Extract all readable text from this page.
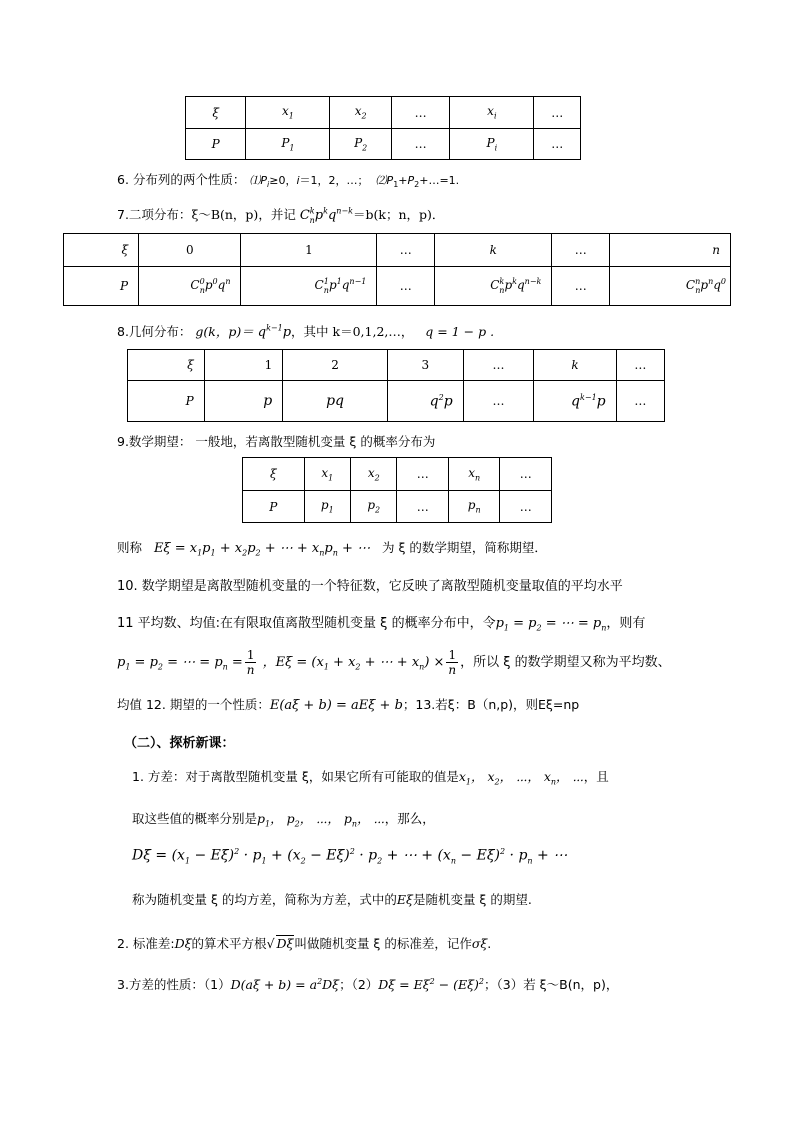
ξ	$x_1$	$x_2$	…	$x_i$	…
P	$P_1$	$P_2$	…	$P_i$	…
6. 分布列的两个性质： $⑴P_i\ge 0$，i＝1，2，…； $⑵P_1+P_2+\dots=1$.
7.二项分布：ξ～B(n，p)，并记 $C^k_np^kq^{n-k}=b(k$；n，p)．
ξ	0	1	…	k	…	n
P	$C^0_np^0q^n$	$C^1_np^1q^{n-1}$	…	$C^k_np^kq^{n-k}$	…	$C^n_np^nq^0$
8.几何分布： g(k，$p)= q^{k-1}p$，其中 k＝0,1,2,…， q = 1 − p .
ξ	1	2	3	…	k	…
P	p	pq	$q^2p$	…	$q^{k-1}p$	…
9.数学期望： 一般地，若离散型随机变量 ξ 的概率分布为
ξ	$x_1$	$x_2$	…	$x_n$	…
P	$p_1$	$p_2$	…	$p_n$	…
则称 $E\xi = x_1p_1 + x_2p_2$ + ⋯ + $x_np_n$ + ⋯ 为 ξ 的数学期望，简称期望．
10. 数学期望是离散型随机变量的一个特征数，它反映了离散型随机变量取值的平均水平
11 平均数、均值:在有限取值离散型随机变量 ξ 的概率分布中，令$p_1 = p_2$ = ⋯ = $p_n$，则有
$p_1 = p_2$ = ⋯ = $p_n = \frac{1}{n}$ ，$E\xi = (x_1 + x_2$ + ⋯ + $x_n) \times \frac{1}{n}$ ，所以 ξ 的数学期望又称为平均数、
均值 12. 期望的一个性质：E(aξ + b) = aEξ + b；13.若ξ：B（n,p)，则Eξ=np
（二）、探析新课：
1. 方差：对于离散型随机变量 ξ，如果它所有可能取的值是$x_1$， $x_2$， ⋯， $x_n$， ⋯，且
取这些值的概率分别是$p_1$， $p_2$， ⋯， $p_n$， ⋯，那么，
$D\xi = (x_1 - E\xi)^2 \cdot p_1 + (x_2 - E\xi)^2 \cdot p_2$ + ⋯ + $(x_n - E\xi)^2 \cdot p_n$ + ⋯
称为随机变量 ξ 的均方差，简称为方差，式中的Eξ是随机变量 ξ 的期望.
2. 标准差:Dξ的算术平方根√ Dξ叫做随机变量 ξ 的标准差，记作σξ.
3.方差的性质：$(1)D(a\xi + b) = a^2D\xi$；$(2)D\xi = E\xi^2 - (E\xi)^2$；（3）若 ξ～B(n，p)，
